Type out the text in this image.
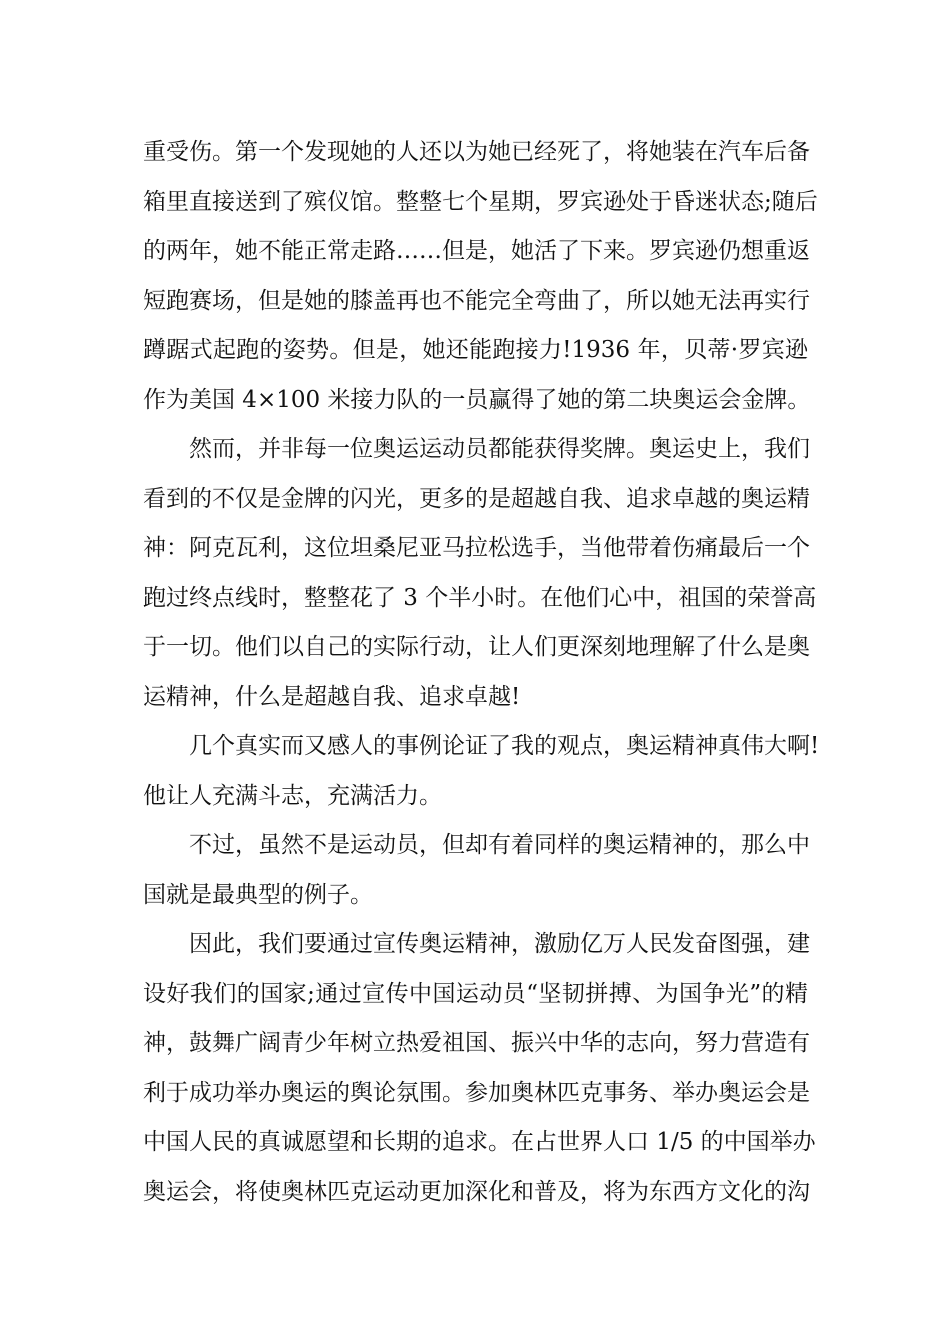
重受伤。第一个发现她的人还以为她已经死了，将她装在汽车后备
箱里直接送到了殡仪馆。整整七个星期，罗宾逊处于昏迷状态;随后
的两年，她不能正常走路……但是，她活了下来。罗宾逊仍想重返
短跑赛场，但是她的膝盖再也不能完全弯曲了，所以她无法再实行
蹲踞式起跑的姿势。但是，她还能跑接力!1936 年，贝蒂·罗宾逊
作为美国 4×100 米接力队的一员赢得了她的第二块奥运会金牌。
然而，并非每一位奥运运动员都能获得奖牌。奥运史上，我们
看到的不仅是金牌的闪光，更多的是超越自我、追求卓越的奥运精
神：阿克瓦利，这位坦桑尼亚马拉松选手，当他带着伤痛最后一个
跑过终点线时，整整花了 3 个半小时。在他们心中，祖国的荣誉高
于一切。他们以自己的实际行动，让人们更深刻地理解了什么是奥
运精神，什么是超越自我、追求卓越!
几个真实而又感人的事例论证了我的观点，奥运精神真伟大啊!
他让人充满斗志，充满活力。
不过，虽然不是运动员，但却有着同样的奥运精神的，那么中
国就是最典型的例子。
因此，我们要通过宣传奥运精神，激励亿万人民发奋图强，建
设好我们的国家;通过宣传中国运动员“坚韧拼搏、为国争光”的精
神，鼓舞广阔青少年树立热爱祖国、振兴中华的志向，努力营造有
利于成功举办奥运的舆论氛围。参加奥林匹克事务、举办奥运会是
中国人民的真诚愿望和长期的追求。在占世界人口 1/5 的中国举办
奥运会，将使奥林匹克运动更加深化和普及，将为东西方文化的沟
